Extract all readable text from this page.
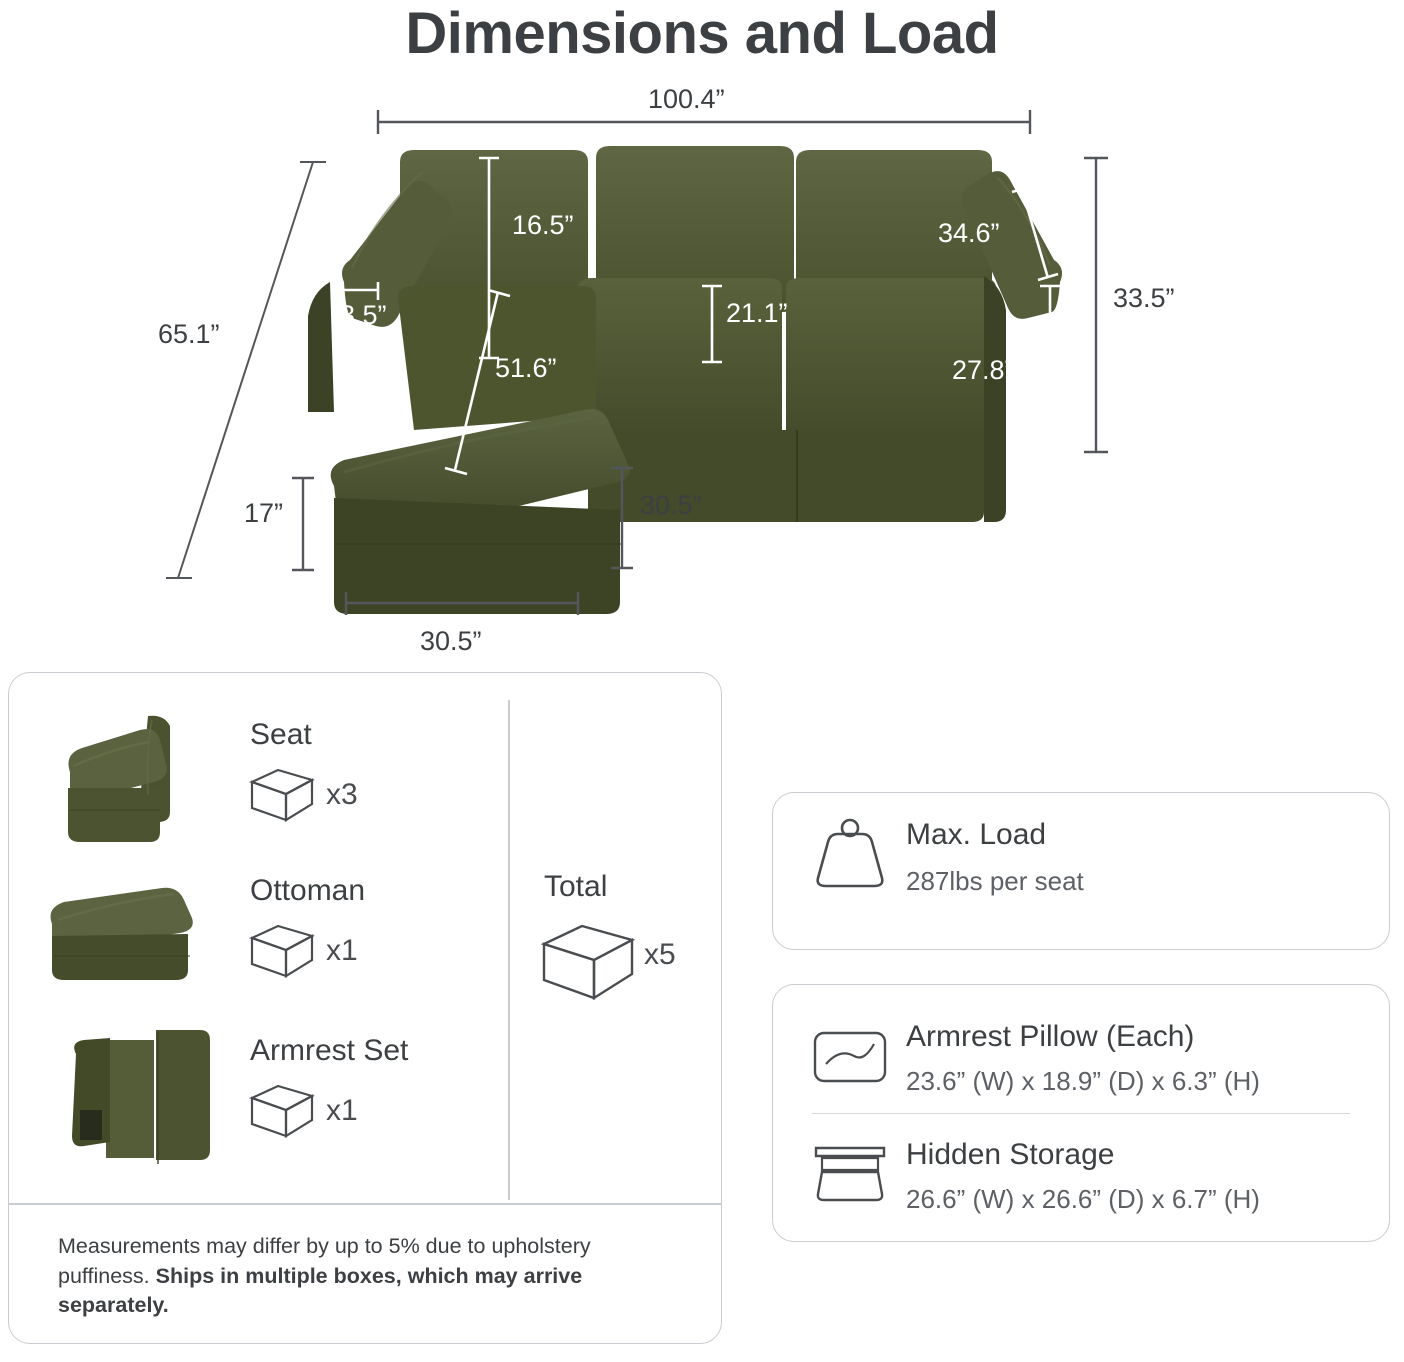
Dimensions and Load
100.4”
16.5”
3.5”
34.6”
33.5”
21.1”
27.8”
65.1”
51.6”
17”	30.5”
30.5”
Seat
x3
Ottoman
x1
Armrest Set
x1
Total
x5
Measurements may differ by up to 5% due to upholstery puffiness. Ships in multiple boxes, which may arrive separately.
Max. Load
287lbs per seat
Armrest Pillow (Each)
23.6” (W) x 18.9” (D) x 6.3” (H)
Hidden Storage
26.6” (W) x 26.6” (D) x 6.7” (H)
